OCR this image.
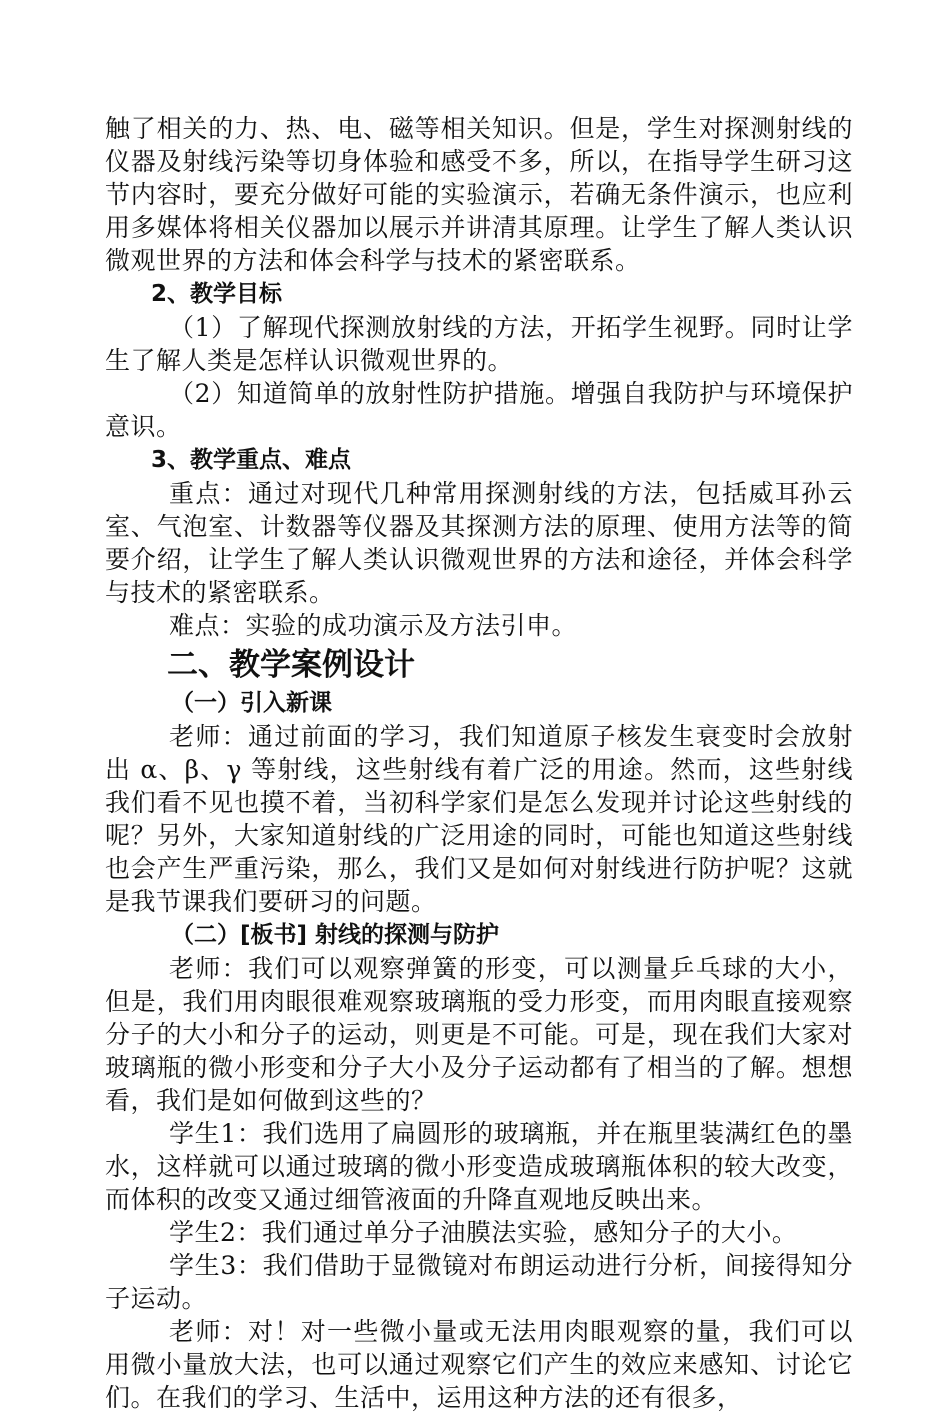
触了相关的力、热、电、磁等相关知识。但是，学生对探测射线的仪器及射线污染等切身体验和感受不多，所以，在指导学生研习这节内容时，要充分做好可能的实验演示，若确无条件演示，也应利用多媒体将相关仪器加以展示并讲清其原理。让学生了解人类认识微观世界的方法和体会科学与技术的紧密联系。

2、教学目标

（1）了解现代探测放射线的方法，开拓学生视野。同时让学生了解人类是怎样认识微观世界的。

（2）知道简单的放射性防护措施。增强自我防护与环境保护意识。

3、教学重点、难点

重点：通过对现代几种常用探测射线的方法，包括威耳孙云室、气泡室、计数器等仪器及其探测方法的原理、使用方法等的简要介绍，让学生了解人类认识微观世界的方法和途径，并体会科学与技术的紧密联系。

难点：实验的成功演示及方法引申。

二、教学案例设计

（一）引入新课

老师：通过前面的学习，我们知道原子核发生衰变时会放射出 α、β、γ 等射线，这些射线有着广泛的用途。然而，这些射线我们看不见也摸不着，当初科学家们是怎么发现并讨论这些射线的呢？另外，大家知道射线的广泛用途的同时，可能也知道这些射线也会产生严重污染，那么，我们又是如何对射线进行防护呢？这就是我节课我们要研习的问题。

（二）[板书] 射线的探测与防护

老师：我们可以观察弹簧的形变，可以测量乒乓球的大小，但是，我们用肉眼很难观察玻璃瓶的受力形变，而用肉眼直接观察分子的大小和分子的运动，则更是不可能。可是，现在我们大家对玻璃瓶的微小形变和分子大小及分子运动都有了相当的了解。想想看，我们是如何做到这些的？

学生1：我们选用了扁圆形的玻璃瓶，并在瓶里装满红色的墨水，这样就可以通过玻璃的微小形变造成玻璃瓶体积的较大改变，而体积的改变又通过细管液面的升降直观地反映出来。

学生2：我们通过单分子油膜法实验，感知分子的大小。

学生3：我们借助于显微镜对布朗运动进行分析，间接得知分子运动。

老师：对！对一些微小量或无法用肉眼观察的量，我们可以用微小量放大法，也可以通过观察它们产生的效应来感知、讨论它们。在我们的学习、生活中，运用这种方法的还有很多，
